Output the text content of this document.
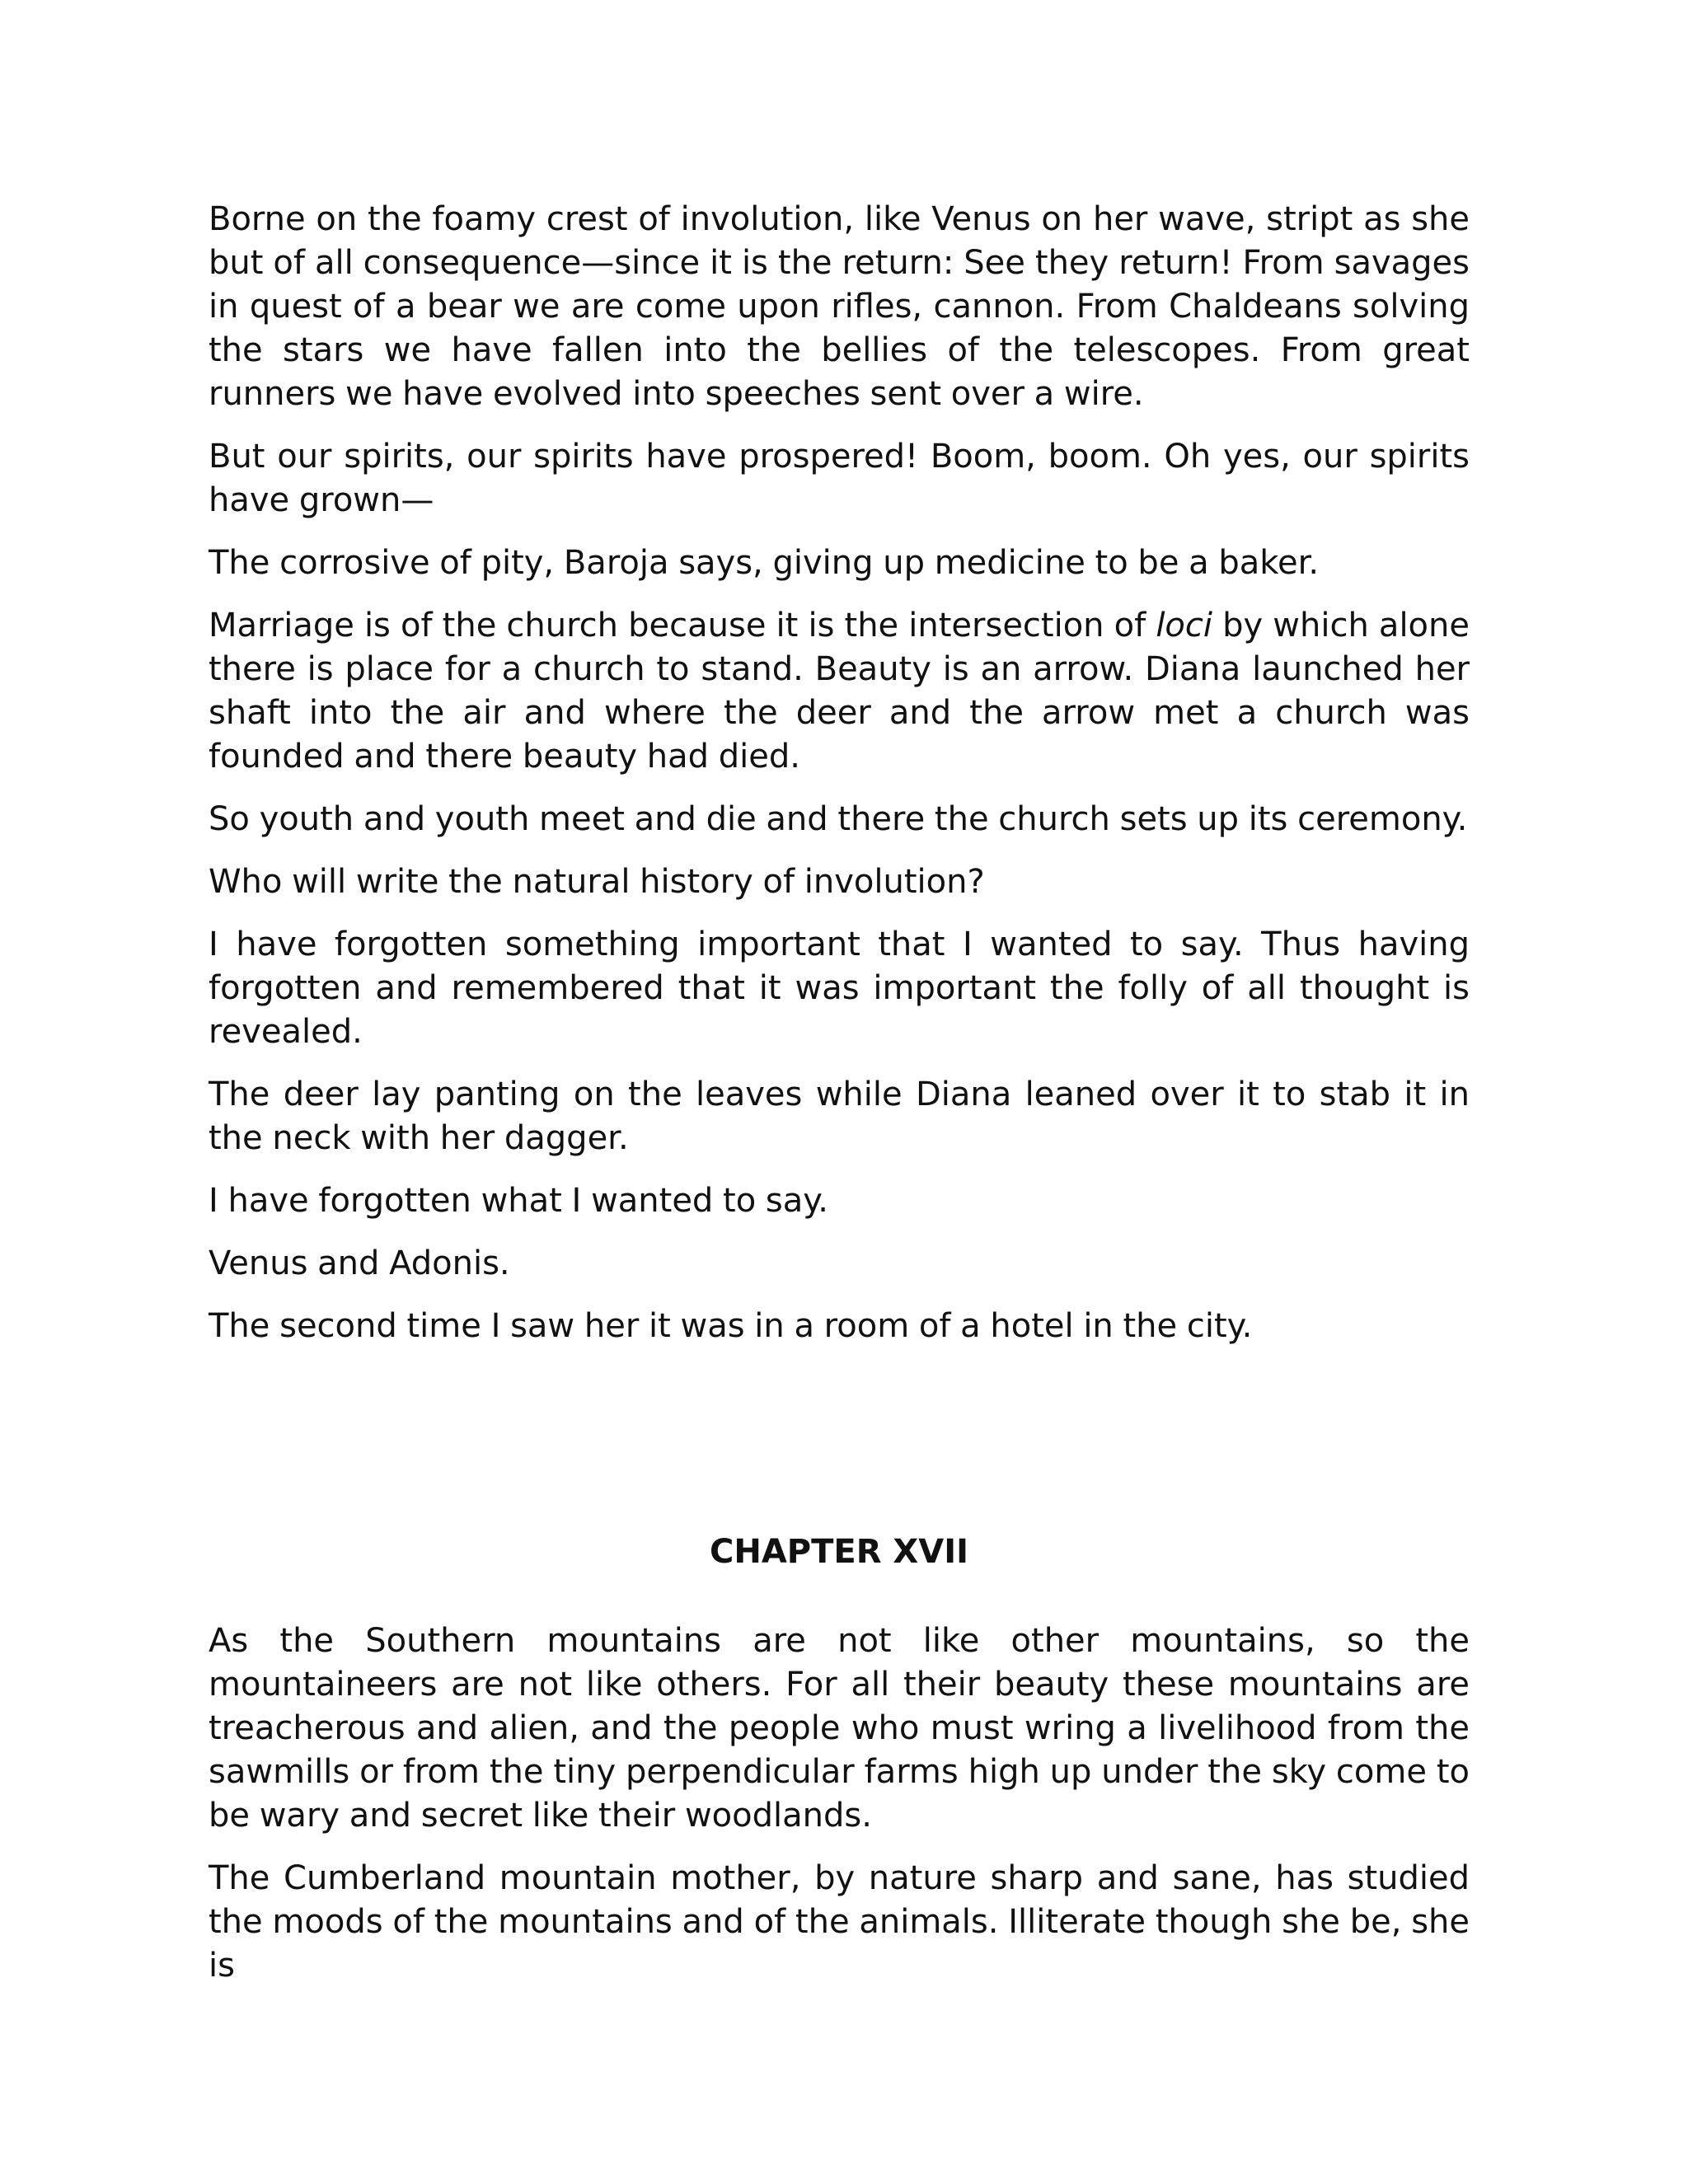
Borne on the foamy crest of involution, like Venus on her wave, stript as she but of all consequence—since it is the return: See they return! From savages in quest of a bear we are come upon rifles, cannon. From Chaldeans solving the stars we have fallen into the bellies of the telescopes. From great runners we have evolved into speeches sent over a wire.

But our spirits, our spirits have prospered! Boom, boom. Oh yes, our spirits have grown—

The corrosive of pity, Baroja says, giving up medicine to be a baker.

Marriage is of the church because it is the intersection of loci by which alone there is place for a church to stand. Beauty is an arrow. Diana launched her shaft into the air and where the deer and the arrow met a church was founded and there beauty had died.

So youth and youth meet and die and there the church sets up its ceremony.

Who will write the natural history of involution?

I have forgotten something important that I wanted to say. Thus having forgotten and remembered that it was important the folly of all thought is revealed.

The deer lay panting on the leaves while Diana leaned over it to stab it in the neck with her dagger.

I have forgotten what I wanted to say.

Venus and Adonis.

The second time I saw her it was in a room of a hotel in the city.

CHAPTER XVII

As the Southern mountains are not like other mountains, so the mountaineers are not like others. For all their beauty these mountains are treacherous and alien, and the people who must wring a livelihood from the sawmills or from the tiny perpendicular farms high up under the sky come to be wary and secret like their woodlands.

The Cumberland mountain mother, by nature sharp and sane, has studied the moods of the mountains and of the animals. Illiterate though she be, she is
